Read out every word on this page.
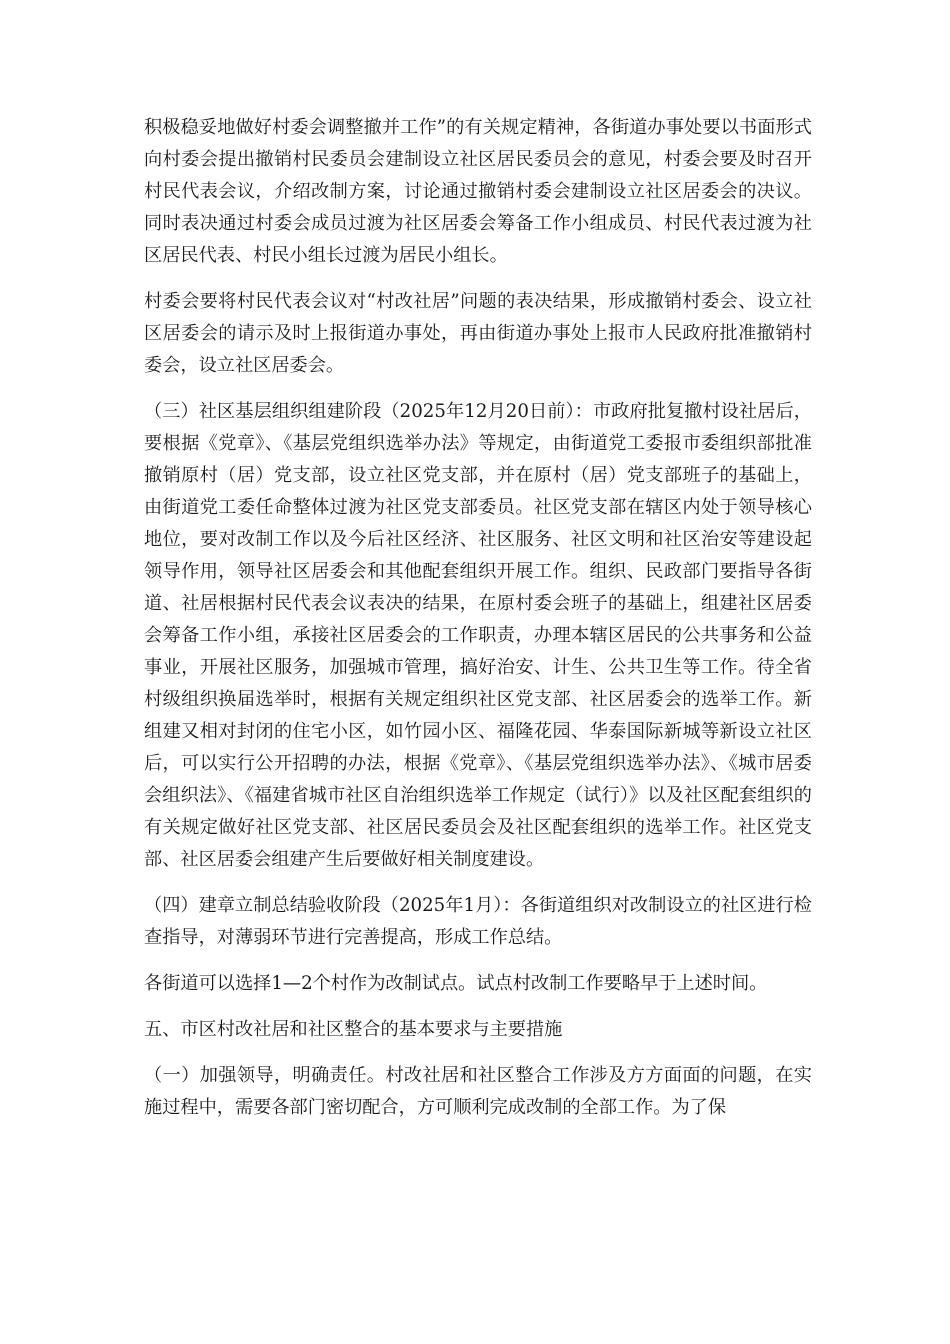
积极稳妥地做好村委会调整撤并工作”的有关规定精神，各街道办事处要以书面形式向村委会提出撤销村民委员会建制设立社区居民委员会的意见，村委会要及时召开村民代表会议，介绍改制方案，讨论通过撤销村委会建制设立社区居委会的决议。同时表决通过村委会成员过渡为社区居委会筹备工作小组成员、村民代表过渡为社区居民代表、村民小组长过渡为居民小组长。

村委会要将村民代表会议对“村改社居”问题的表决结果，形成撤销村委会、设立社区居委会的请示及时上报街道办事处，再由街道办事处上报市人民政府批准撤销村委会，设立社区居委会。

（三）社区基层组织组建阶段（2025年12月20日前）：市政府批复撤村设社居后，要根据《党章》、《基层党组织选举办法》等规定，由街道党工委报市委组织部批准撤销原村（居）党支部，设立社区党支部，并在原村（居）党支部班子的基础上，由街道党工委任命整体过渡为社区党支部委员。社区党支部在辖区内处于领导核心地位，要对改制工作以及今后社区经济、社区服务、社区文明和社区治安等建设起领导作用，领导社区居委会和其他配套组织开展工作。组织、民政部门要指导各街道、社居根据村民代表会议表决的结果，在原村委会班子的基础上，组建社区居委会筹备工作小组，承接社区居委会的工作职责，办理本辖区居民的公共事务和公益事业，开展社区服务，加强城市管理，搞好治安、计生、公共卫生等工作。待全省村级组织换届选举时，根据有关规定组织社区党支部、社区居委会的选举工作。新组建又相对封闭的住宅小区，如竹园小区、福隆花园、华泰国际新城等新设立社区后，可以实行公开招聘的办法，根据《党章》、《基层党组织选举办法》、《城市居委会组织法》、《福建省城市社区自治组织选举工作规定（试行）》以及社区配套组织的有关规定做好社区党支部、社区居民委员会及社区配套组织的选举工作。社区党支部、社区居委会组建产生后要做好相关制度建设。

（四）建章立制总结验收阶段（2025年1月）：各街道组织对改制设立的社区进行检查指导，对薄弱环节进行完善提高，形成工作总结。

各街道可以选择1—2个村作为改制试点。试点村改制工作要略早于上述时间。

五、市区村改社居和社区整合的基本要求与主要措施

（一）加强领导，明确责任。村改社居和社区整合工作涉及方方面面的问题，在实施过程中，需要各部门密切配合，方可顺利完成改制的全部工作。为了保
